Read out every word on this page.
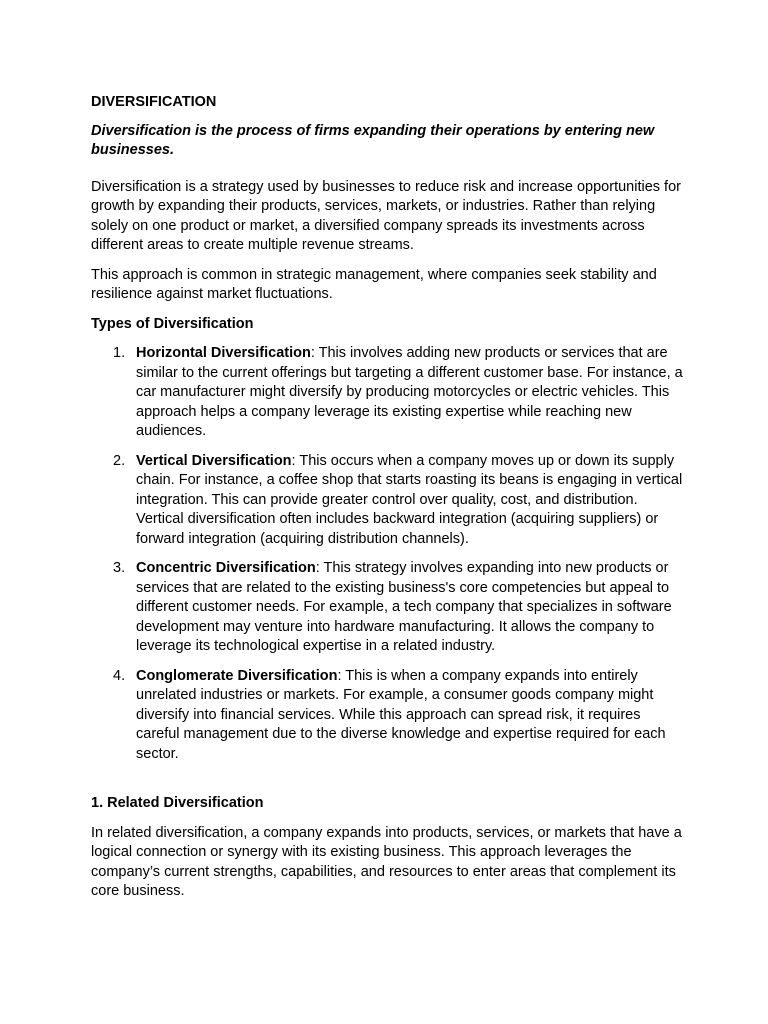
DIVERSIFICATION
Diversification is the process of firms expanding their operations by entering new businesses.

Diversification is a strategy used by businesses to reduce risk and increase opportunities for growth by expanding their products, services, markets, or industries. Rather than relying solely on one product or market, a diversified company spreads its investments across different areas to create multiple revenue streams.

This approach is common in strategic management, where companies seek stability and resilience against market fluctuations.

Types of Diversification
1. Horizontal Diversification: This involves adding new products or services that are similar to the current offerings but targeting a different customer base. For instance, a car manufacturer might diversify by producing motorcycles or electric vehicles. This approach helps a company leverage its existing expertise while reaching new audiences.
2. Vertical Diversification: This occurs when a company moves up or down its supply chain. For instance, a coffee shop that starts roasting its beans is engaging in vertical integration. This can provide greater control over quality, cost, and distribution. Vertical diversification often includes backward integration (acquiring suppliers) or forward integration (acquiring distribution channels).
3. Concentric Diversification: This strategy involves expanding into new products or services that are related to the existing business's core competencies but appeal to different customer needs. For example, a tech company that specializes in software development may venture into hardware manufacturing. It allows the company to leverage its technological expertise in a related industry.
4. Conglomerate Diversification: This is when a company expands into entirely unrelated industries or markets. For example, a consumer goods company might diversify into financial services. While this approach can spread risk, it requires careful management due to the diverse knowledge and expertise required for each sector.
1. Related Diversification

In related diversification, a company expands into products, services, or markets that have a logical connection or synergy with its existing business. This approach leverages the company’s current strengths, capabilities, and resources to enter areas that complement its core business.
